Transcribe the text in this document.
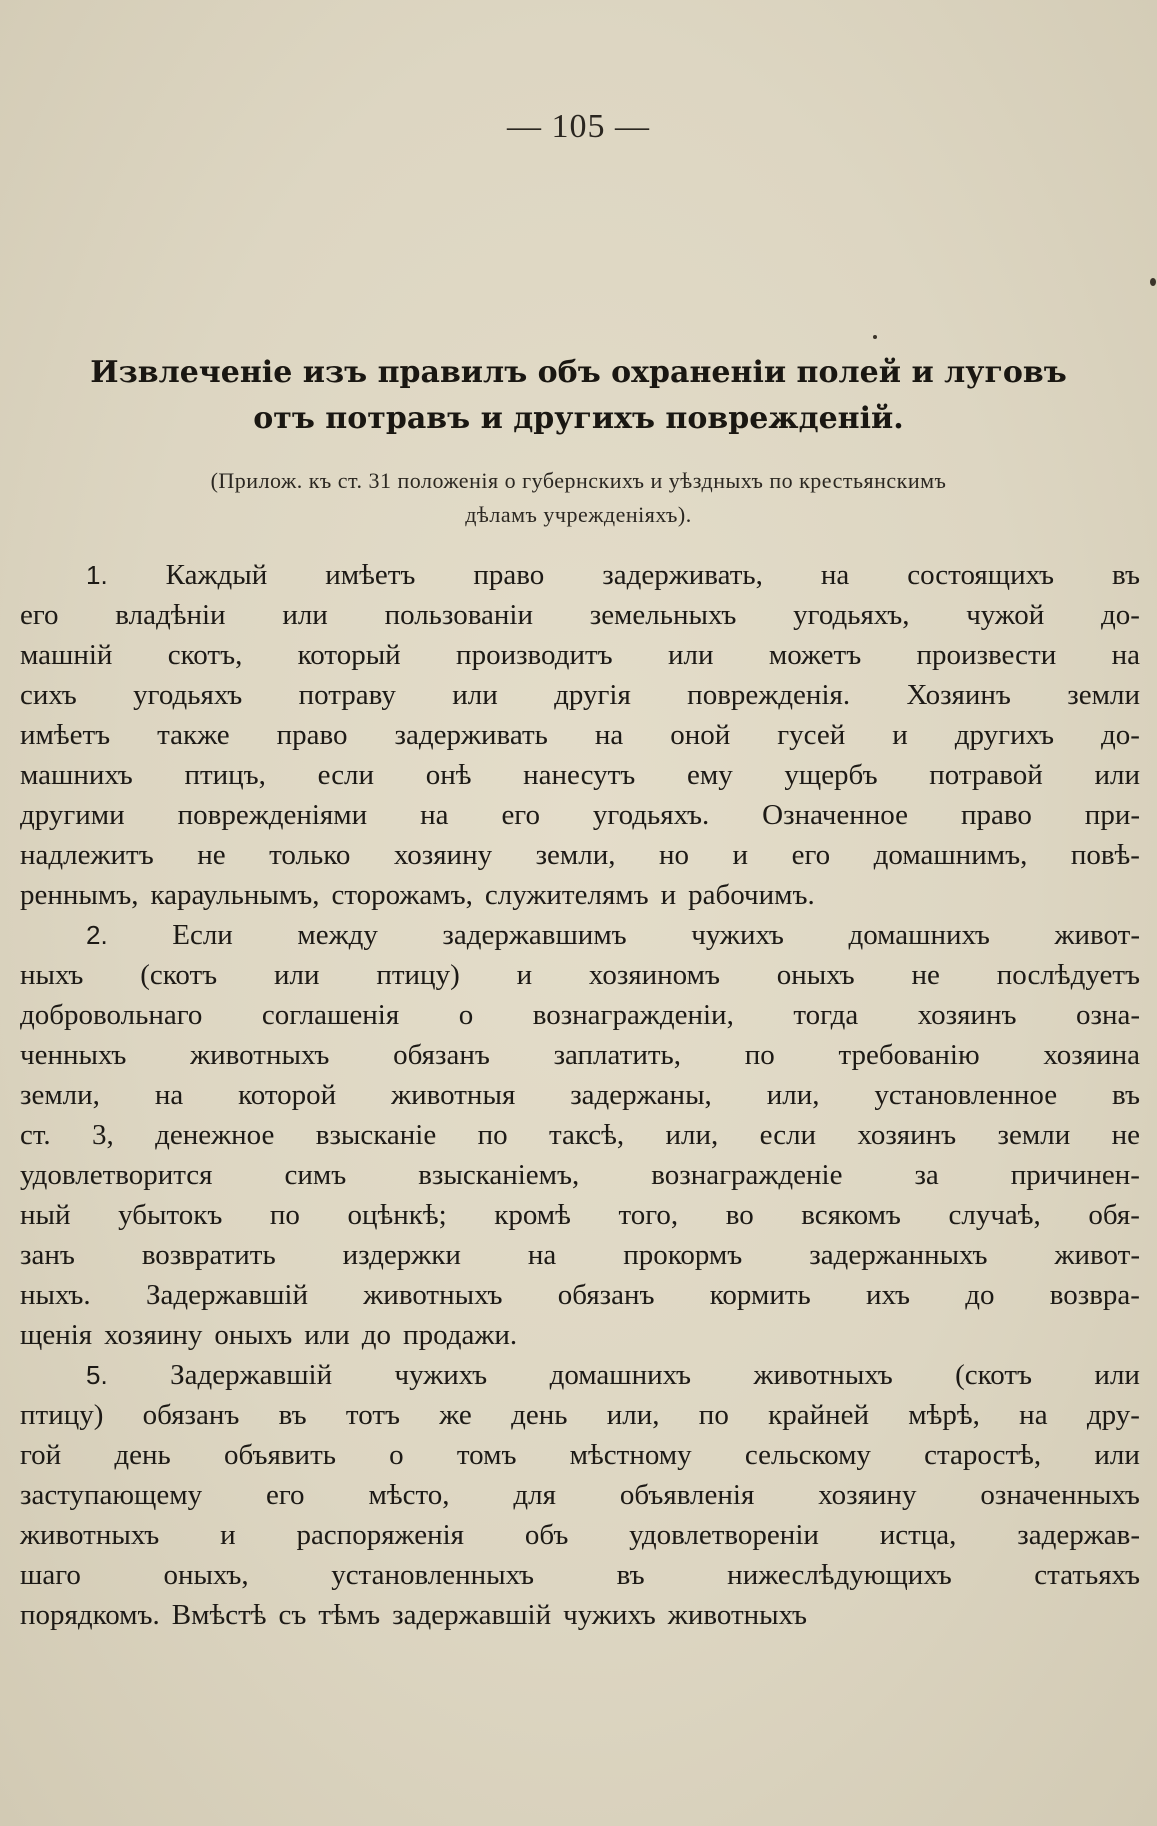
— 105 —
Извлеченіе изъ правилъ объ охраненіи полей и луговъ
отъ потравъ и другихъ поврежденій.
(Прилож. къ ст. 31 положенія о губернскихъ и уѣздныхъ по крестьянскимъ
дѣламъ учрежденіяхъ).
1. Каждый имѣетъ право задерживать, на состоящихъ въ
его владѣніи или пользованіи земельныхъ угодьяхъ, чужой до-
машній скотъ, который производитъ или можетъ произвести на
сихъ угодьяхъ потраву или другія поврежденія. Хозяинъ земли
имѣетъ также право задерживать на оной гусей и другихъ до-
машнихъ птицъ, если онѣ нанесутъ ему ущербъ потравой или
другими поврежденіями на его угодьяхъ. Означенное право при-
надлежитъ не только хозяину земли, но и его домашнимъ, повѣ-
реннымъ, караульнымъ, сторожамъ, служителямъ и рабочимъ.
2. Если между задержавшимъ чужихъ домашнихъ живот-
ныхъ (скотъ или птицу) и хозяиномъ оныхъ не послѣдуетъ
добровольнаго соглашенія о вознагражденіи, тогда хозяинъ озна-
ченныхъ животныхъ обязанъ заплатить, по требованію хозяина
земли, на которой животныя задержаны, или, установленное въ
ст. 3, денежное взысканіе по таксѣ, или, если хозяинъ земли не
удовлетворится симъ взысканіемъ, вознагражденіе за причинен-
ный убытокъ по оцѣнкѣ; кромѣ того, во всякомъ случаѣ, обя-
занъ возвратить издержки на прокормъ задержанныхъ живот-
ныхъ. Задержавшій животныхъ обязанъ кормить ихъ до возвра-
щенія хозяину оныхъ или до продажи.
5. Задержавшій чужихъ домашнихъ животныхъ (скотъ или
птицу) обязанъ въ тотъ же день или, по крайней мѣрѣ, на дру-
гой день объявить о томъ мѣстному сельскому старостѣ, или
заступающему его мѣсто, для объявленія хозяину означенныхъ
животныхъ и распоряженія объ удовлетвореніи истца, задержав-
шаго	оныхъ,	установленныхъ	въ	нижеслѣдующихъ	статьяхъ
порядкомъ. Вмѣстѣ съ тѣмъ задержавшій чужихъ животныхъ
